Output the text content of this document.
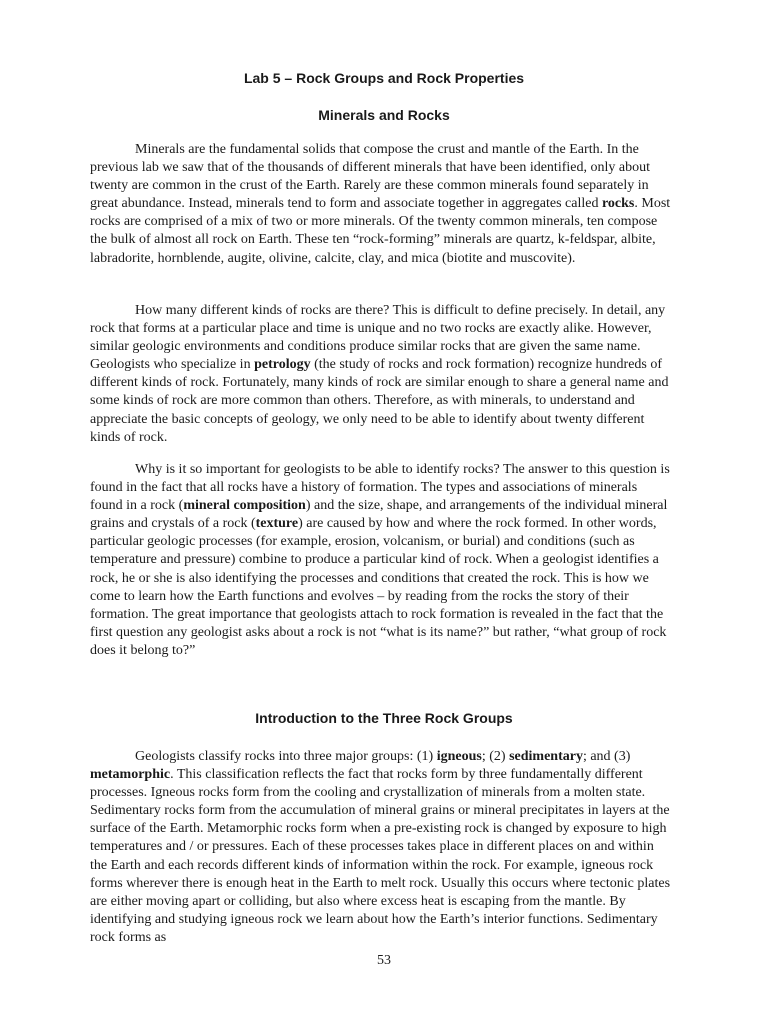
Lab 5 – Rock Groups and Rock Properties
Minerals and Rocks

Minerals are the fundamental solids that compose the crust and mantle of the Earth. In the previous lab we saw that of the thousands of different minerals that have been identified, only about twenty are common in the crust of the Earth. Rarely are these common minerals found separately in great abundance. Instead, minerals tend to form and associate together in aggregates called rocks. Most rocks are comprised of a mix of two or more minerals. Of the twenty common minerals, ten compose the bulk of almost all rock on Earth. These ten “rock-forming” minerals are quartz, k-feldspar, albite, labradorite, hornblende, augite, olivine, calcite, clay, and mica (biotite and muscovite).

How many different kinds of rocks are there? This is difficult to define precisely. In detail, any rock that forms at a particular place and time is unique and no two rocks are exactly alike. However, similar geologic environments and conditions produce similar rocks that are given the same name. Geologists who specialize in petrology (the study of rocks and rock formation) recognize hundreds of different kinds of rock. Fortunately, many kinds of rock are similar enough to share a general name and some kinds of rock are more common than others. Therefore, as with minerals, to understand and appreciate the basic concepts of geology, we only need to be able to identify about twenty different kinds of rock.

Why is it so important for geologists to be able to identify rocks? The answer to this question is found in the fact that all rocks have a history of formation. The types and associations of minerals found in a rock (mineral composition) and the size, shape, and arrangements of the individual mineral grains and crystals of a rock (texture) are caused by how and where the rock formed. In other words, particular geologic processes (for example, erosion, volcanism, or burial) and conditions (such as temperature and pressure) combine to produce a particular kind of rock. When a geologist identifies a rock, he or she is also identifying the processes and conditions that created the rock. This is how we come to learn how the Earth functions and evolves – by reading from the rocks the story of their formation. The great importance that geologists attach to rock formation is revealed in the fact that the first question any geologist asks about a rock is not “what is its name?” but rather, “what group of rock does it belong to?”

Introduction to the Three Rock Groups

Geologists classify rocks into three major groups: (1) igneous; (2) sedimentary; and (3) metamorphic. This classification reflects the fact that rocks form by three fundamentally different processes. Igneous rocks form from the cooling and crystallization of minerals from a molten state. Sedimentary rocks form from the accumulation of mineral grains or mineral precipitates in layers at the surface of the Earth. Metamorphic rocks form when a pre-existing rock is changed by exposure to high temperatures and / or pressures. Each of these processes takes place in different places on and within the Earth and each records different kinds of information within the rock. For example, igneous rock forms wherever there is enough heat in the Earth to melt rock. Usually this occurs where tectonic plates are either moving apart or colliding, but also where excess heat is escaping from the mantle. By identifying and studying igneous rock we learn about how the Earth’s interior functions. Sedimentary rock forms as

53
